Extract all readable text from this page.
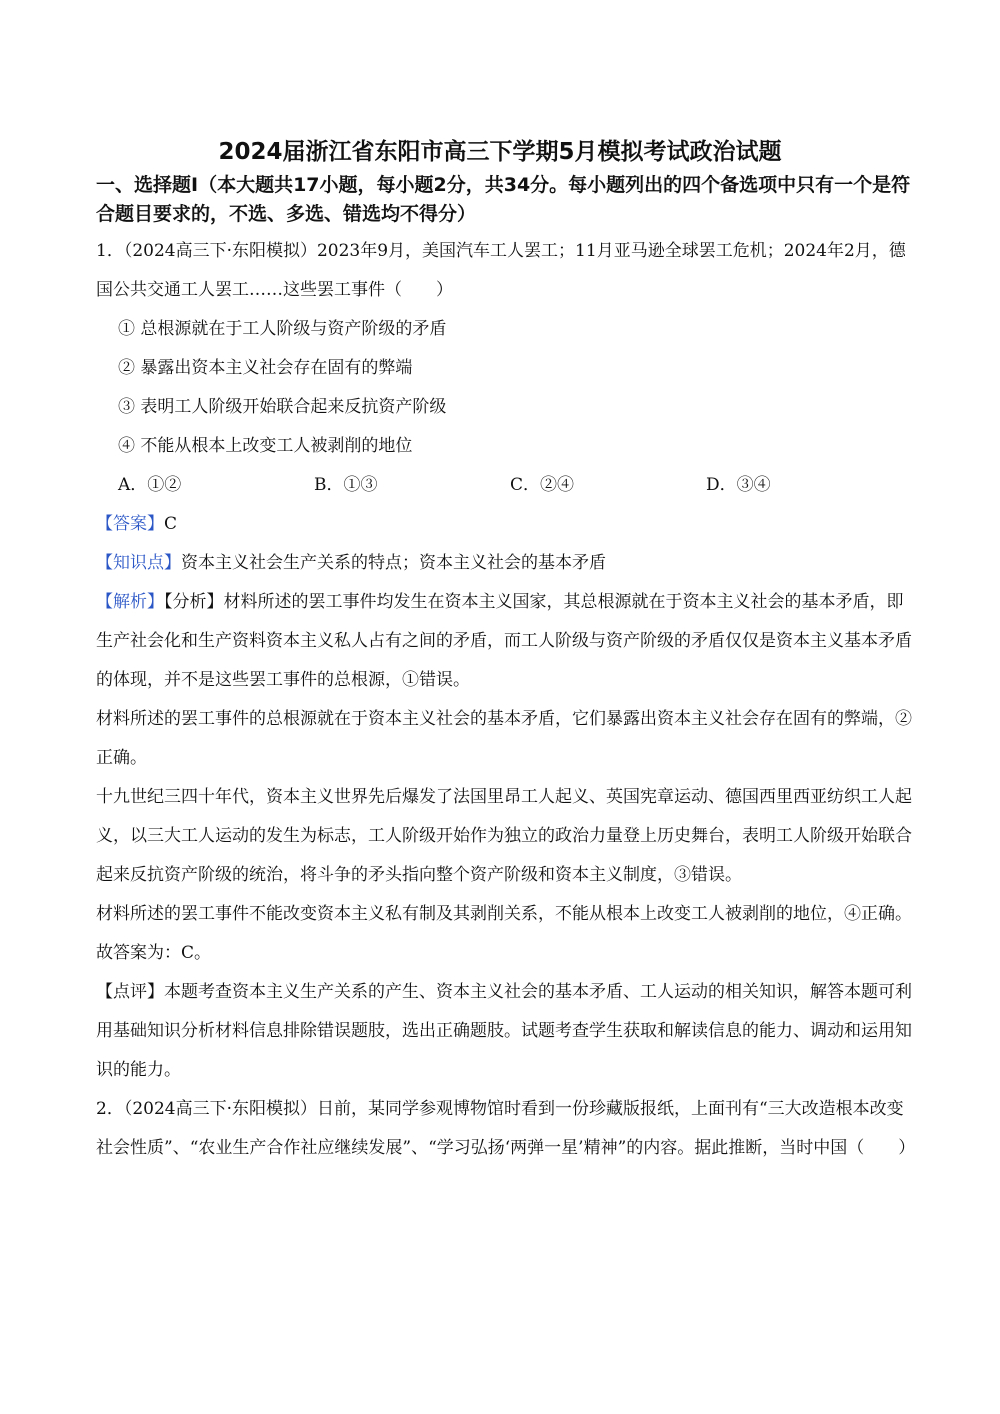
2024届浙江省东阳市高三下学期5月模拟考试政治试题
一、选择题Ⅰ（本大题共17小题，每小题2分，共34分。每小题列出的四个备选项中只有一个是符合题目要求的，不选、多选、错选均不得分）

1．（2024高三下·东阳模拟）2023年9月，美国汽车工人罢工；11月亚马逊全球罢工危机；2024年2月，德国公共交通工人罢工……这些罢工事件（　　）

① 总根源就在于工人阶级与资产阶级的矛盾

② 暴露出资本主义社会存在固有的弊端

③ 表明工人阶级开始联合起来反抗资产阶级

④ 不能从根本上改变工人被剥削的地位

A．①②	B．①③	C．②④	D．③④

【答案】C

【知识点】资本主义社会生产关系的特点；资本主义社会的基本矛盾

【解析】【分析】材料所述的罢工事件均发生在资本主义国家，其总根源就在于资本主义社会的基本矛盾，即生产社会化和生产资料资本主义私人占有之间的矛盾，而工人阶级与资产阶级的矛盾仅仅是资本主义基本矛盾的体现，并不是这些罢工事件的总根源，①错误。

材料所述的罢工事件的总根源就在于资本主义社会的基本矛盾，它们暴露出资本主义社会存在固有的弊端，②正确。

十九世纪三四十年代，资本主义世界先后爆发了法国里昂工人起义、英国宪章运动、德国西里西亚纺织工人起义，以三大工人运动的发生为标志，工人阶级开始作为独立的政治力量登上历史舞台，表明工人阶级开始联合起来反抗资产阶级的统治，将斗争的矛头指向整个资产阶级和资本主义制度，③错误。

材料所述的罢工事件不能改变资本主义私有制及其剥削关系，不能从根本上改变工人被剥削的地位，④正确。

故答案为：C。

【点评】本题考查资本主义生产关系的产生、资本主义社会的基本矛盾、工人运动的相关知识，解答本题可利用基础知识分析材料信息排除错误题肢，选出正确题肢。试题考查学生获取和解读信息的能力、调动和运用知识的能力。

2．（2024高三下·东阳模拟）日前，某同学参观博物馆时看到一份珍藏版报纸，上面刊有“三大改造根本改变社会性质”、“农业生产合作社应继续发展”、“学习弘扬‘两弹一星’精神”的内容。据此推断，当时中国（　　）
